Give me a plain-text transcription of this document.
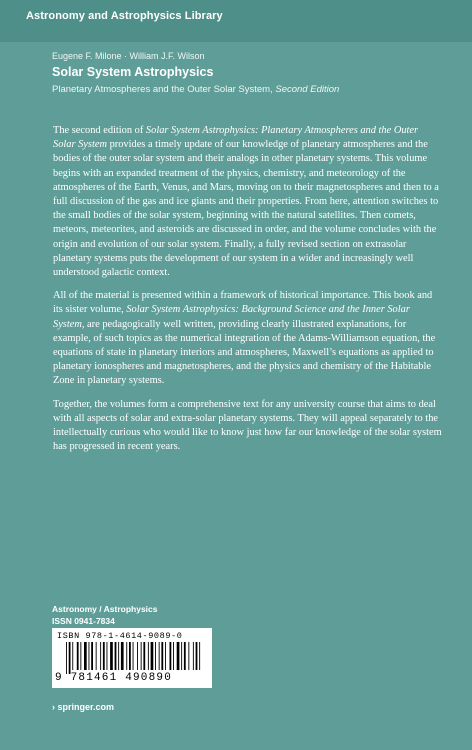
Astronomy and Astrophysics Library
Eugene F. Milone · William J.F. Wilson
Solar System Astrophysics
Planetary Atmospheres and the Outer Solar System, Second Edition

The second edition of Solar System Astrophysics: Planetary Atmospheres and the Outer Solar System provides a timely update of our knowledge of planetary atmospheres and the bodies of the outer solar system and their analogs in other planetary systems. This volume begins with an expanded treatment of the physics, chemistry, and meteorology of the atmospheres of the Earth, Venus, and Mars, moving on to their magnetospheres and then to a full discussion of the gas and ice giants and their properties. From here, attention switches to the small bodies of the solar system, beginning with the natural satellites. Then comets, meteors, meteorites, and asteroids are discussed in order, and the volume concludes with the origin and evolution of our solar system. Finally, a fully revised section on extrasolar planetary systems puts the development of our system in a wider and increasingly well understood galactic context.

All of the material is presented within a framework of historical importance. This book and its sister volume, Solar System Astrophysics: Background Science and the Inner Solar System, are pedagogically well written, providing clearly illustrated explanations, for example, of such topics as the numerical integration of the Adams-Williamson equation, the equations of state in planetary interiors and atmospheres, Maxwell’s equations as applied to planetary ionospheres and magnetospheres, and the physics and chemistry of the Habitable Zone in planetary systems.

Together, the volumes form a comprehensive text for any university course that aims to deal with all aspects of solar and extra-solar planetary systems. They will appeal separately to the intellectually curious who would like to know just how far our knowledge of the solar system has progressed in recent years.

Astronomy / Astrophysics
ISSN 0941-7834
ISBN 978-1-4614-9089-0
9 781461 490890
› springer.com
